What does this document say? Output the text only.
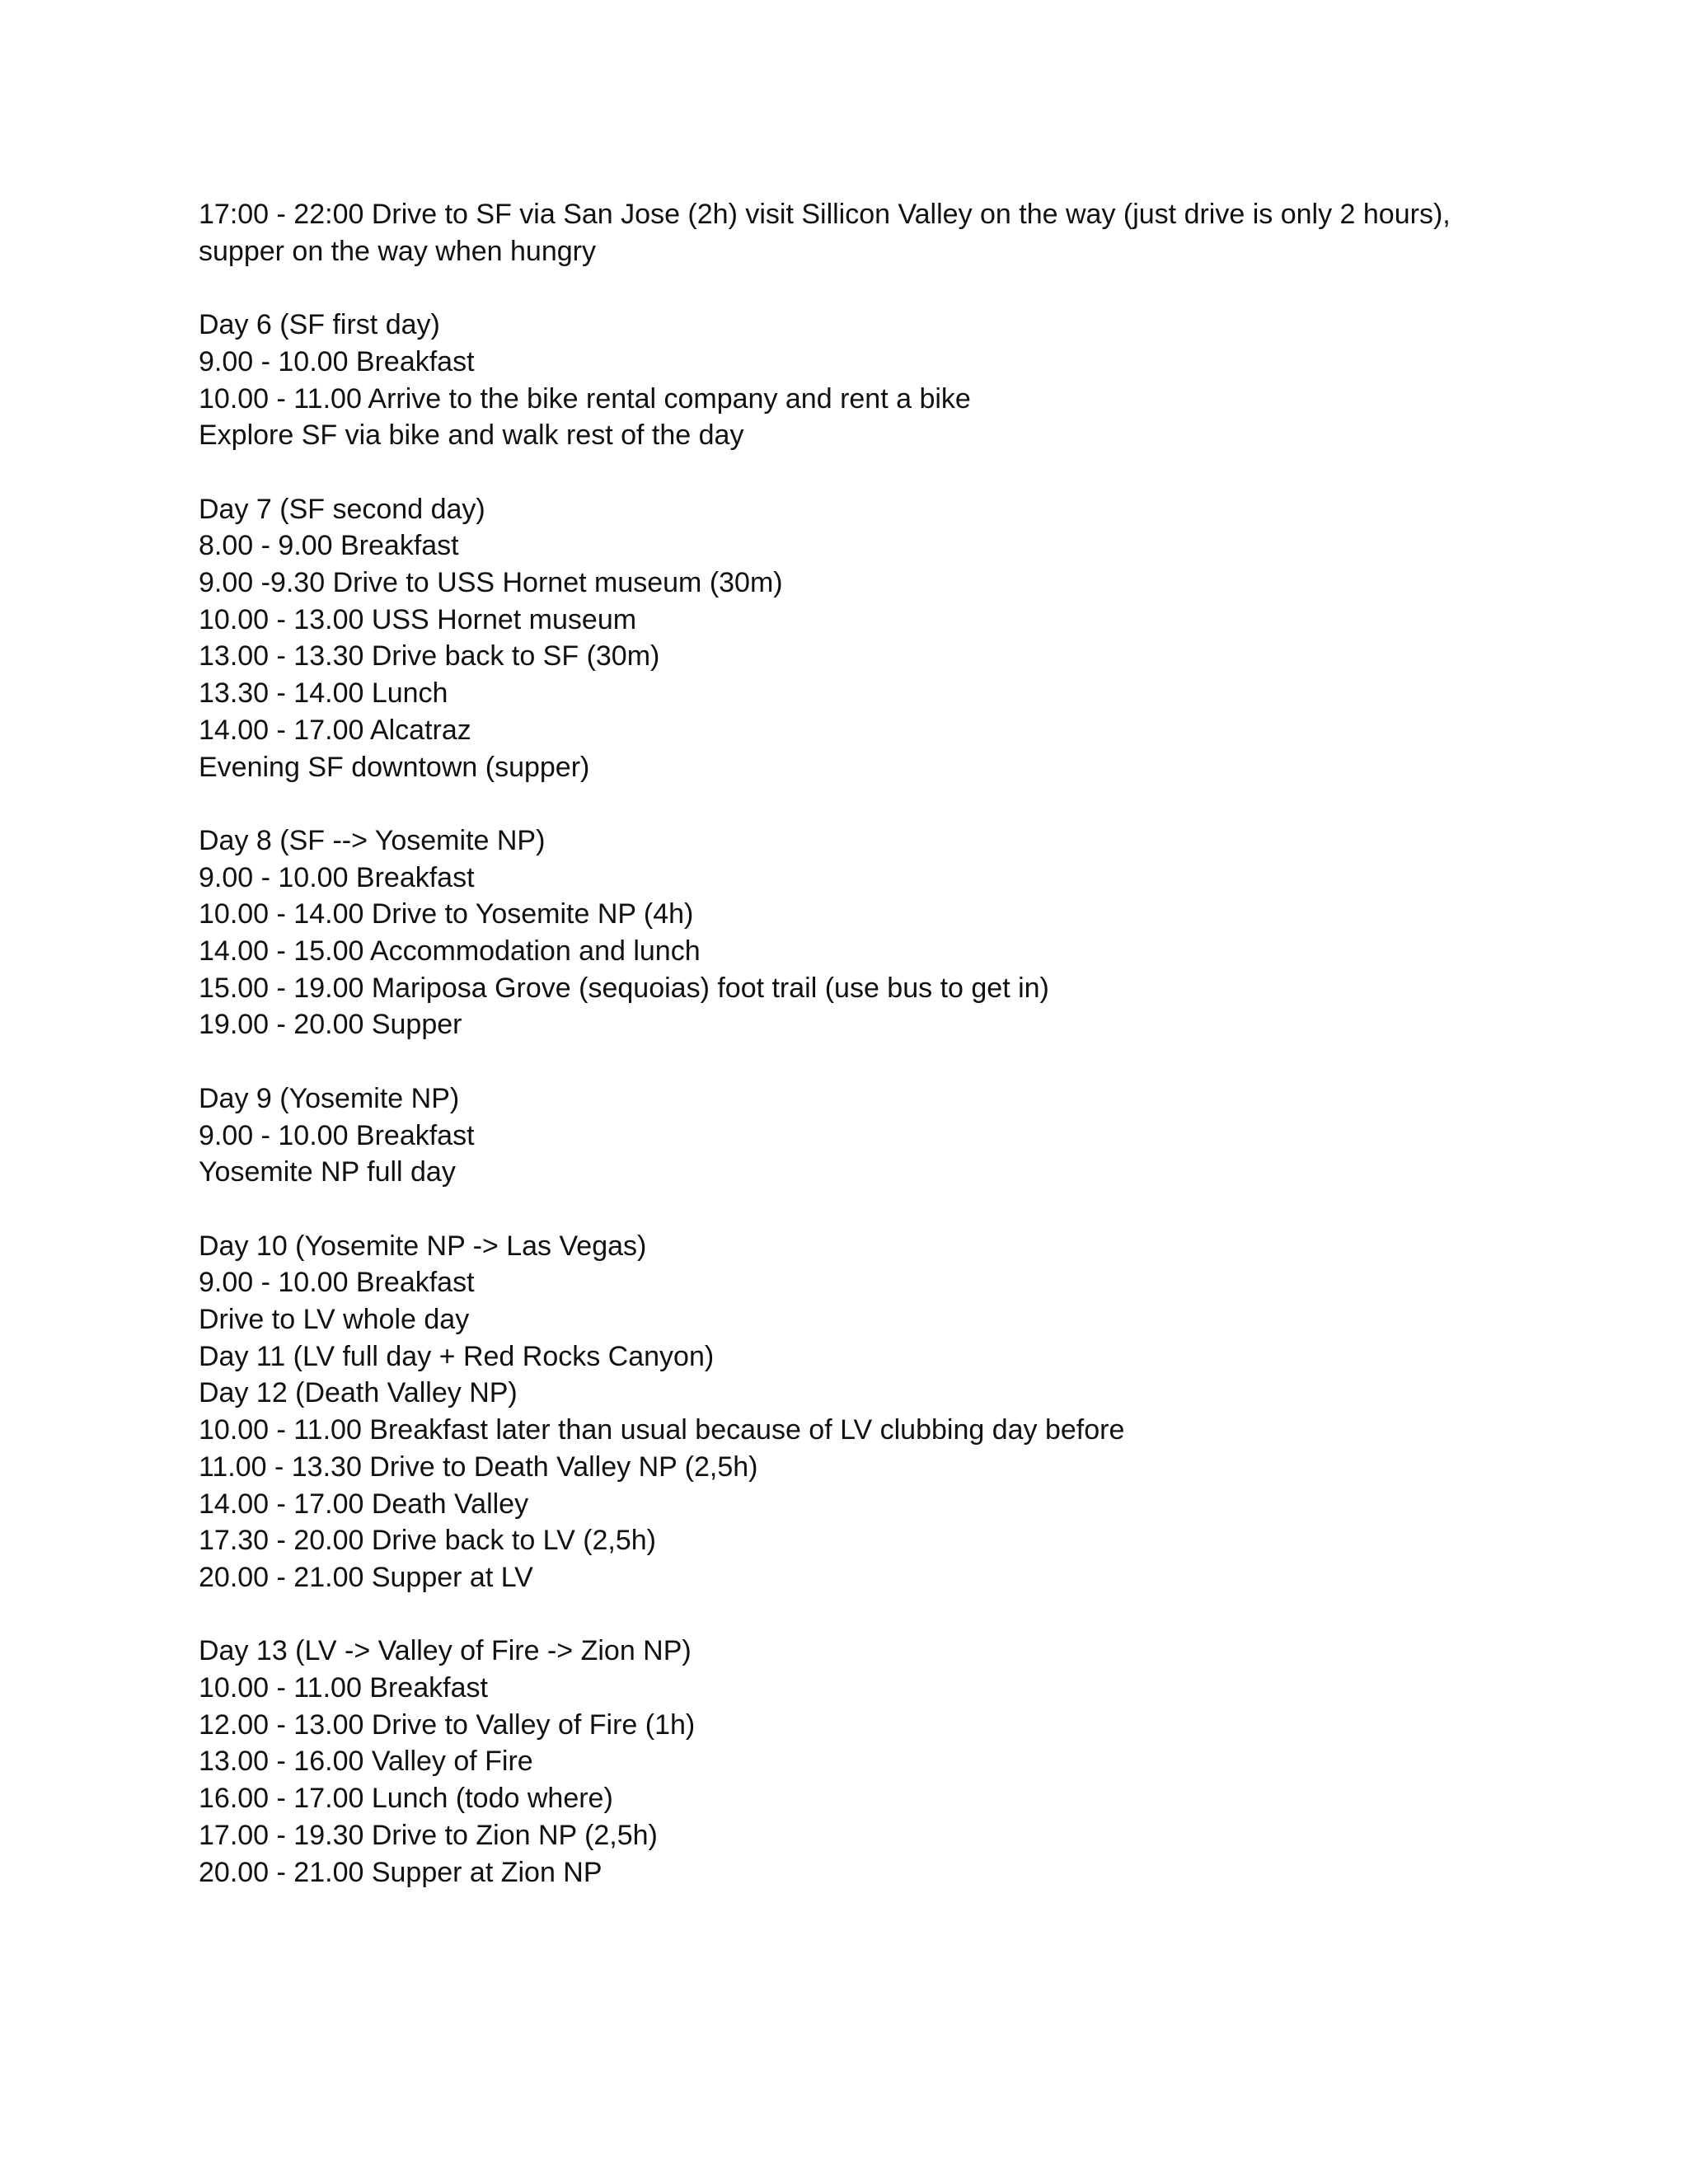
17:00 - 22:00 Drive to SF via San Jose (2h) visit Sillicon Valley on the way (just drive is only 2 hours),
supper on the way when hungry
Day 6 (SF first day)
9.00 - 10.00 Breakfast
10.00 - 11.00 Arrive to the bike rental company and rent a bike
Explore SF via bike and walk rest of the day
Day 7 (SF second day)
8.00 - 9.00 Breakfast
9.00 -9.30 Drive to USS Hornet museum (30m)
10.00 - 13.00 USS Hornet museum
13.00 - 13.30 Drive back to SF (30m)
13.30 - 14.00 Lunch
14.00 - 17.00 Alcatraz
Evening SF downtown (supper)
Day 8 (SF --> Yosemite NP)
9.00 - 10.00 Breakfast
10.00 - 14.00 Drive to Yosemite NP (4h)
14.00 - 15.00 Accommodation and lunch
15.00 - 19.00 Mariposa Grove (sequoias) foot trail (use bus to get in)
19.00 - 20.00 Supper
Day 9 (Yosemite NP)
9.00 - 10.00 Breakfast
Yosemite NP full day
Day 10 (Yosemite NP -> Las Vegas)
9.00 - 10.00 Breakfast
Drive to LV whole day
Day 11 (LV full day + Red Rocks Canyon)
Day 12 (Death Valley NP)
10.00 - 11.00 Breakfast later than usual because of LV clubbing day before
11.00 - 13.30 Drive to Death Valley NP (2,5h)
14.00 - 17.00 Death Valley
17.30 - 20.00 Drive back to LV (2,5h)
20.00 - 21.00 Supper at LV
Day 13 (LV -> Valley of Fire -> Zion NP)
10.00 - 11.00 Breakfast
12.00 - 13.00 Drive to Valley of Fire (1h)
13.00 - 16.00 Valley of Fire
16.00 - 17.00 Lunch (todo where)
17.00 - 19.30 Drive to Zion NP (2,5h)
20.00 - 21.00 Supper at Zion NP
